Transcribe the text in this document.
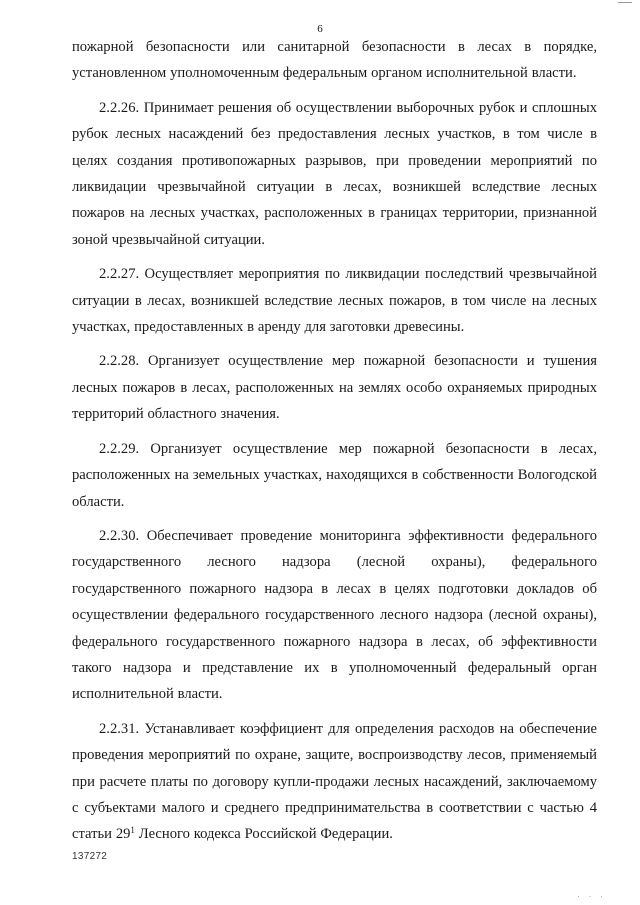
6

пожарной безопасности или санитарной безопасности в лесах в порядке, установленном уполномоченным федеральным органом исполнительной власти.

2.2.26. Принимает решения об осуществлении выборочных рубок и сплошных рубок лесных насаждений без предоставления лесных участков, в том числе в целях создания противопожарных разрывов, при проведении мероприятий по ликвидации чрезвычайной ситуации в лесах, возникшей вследствие лесных пожаров на лесных участках, расположенных в границах территории, признанной зоной чрезвычайной ситуации.

2.2.27. Осуществляет мероприятия по ликвидации последствий чрезвычайной ситуации в лесах, возникшей вследствие лесных пожаров, в том числе на лесных участках, предоставленных в аренду для заготовки древесины.

2.2.28. Организует осуществление мер пожарной безопасности и тушения лесных пожаров в лесах, расположенных на землях особо охраняемых природных территорий областного значения.

2.2.29. Организует осуществление мер пожарной безопасности в лесах, расположенных на земельных участках, находящихся в собственности Вологодской области.

2.2.30. Обеспечивает проведение мониторинга эффективности федерального государственного лесного надзора (лесной охраны), федерального государственного пожарного надзора в лесах в целях подготовки докладов об осуществлении федерального государственного лесного надзора (лесной охраны), федерального государственного пожарного надзора в лесах, об эффективности такого надзора и представление их в уполномоченный федеральный орган исполнительной власти.

2.2.31. Устанавливает коэффициент для определения расходов на обеспечение проведения мероприятий по охране, защите, воспроизводству лесов, применяемый при расчете платы по договору купли-продажи лесных насаждений, заключаемому с субъектами малого и среднего предпринимательства в соответствии с частью 4 статьи $29^1$ Лесного кодекса Российской Федерации.

137272
· · ·
